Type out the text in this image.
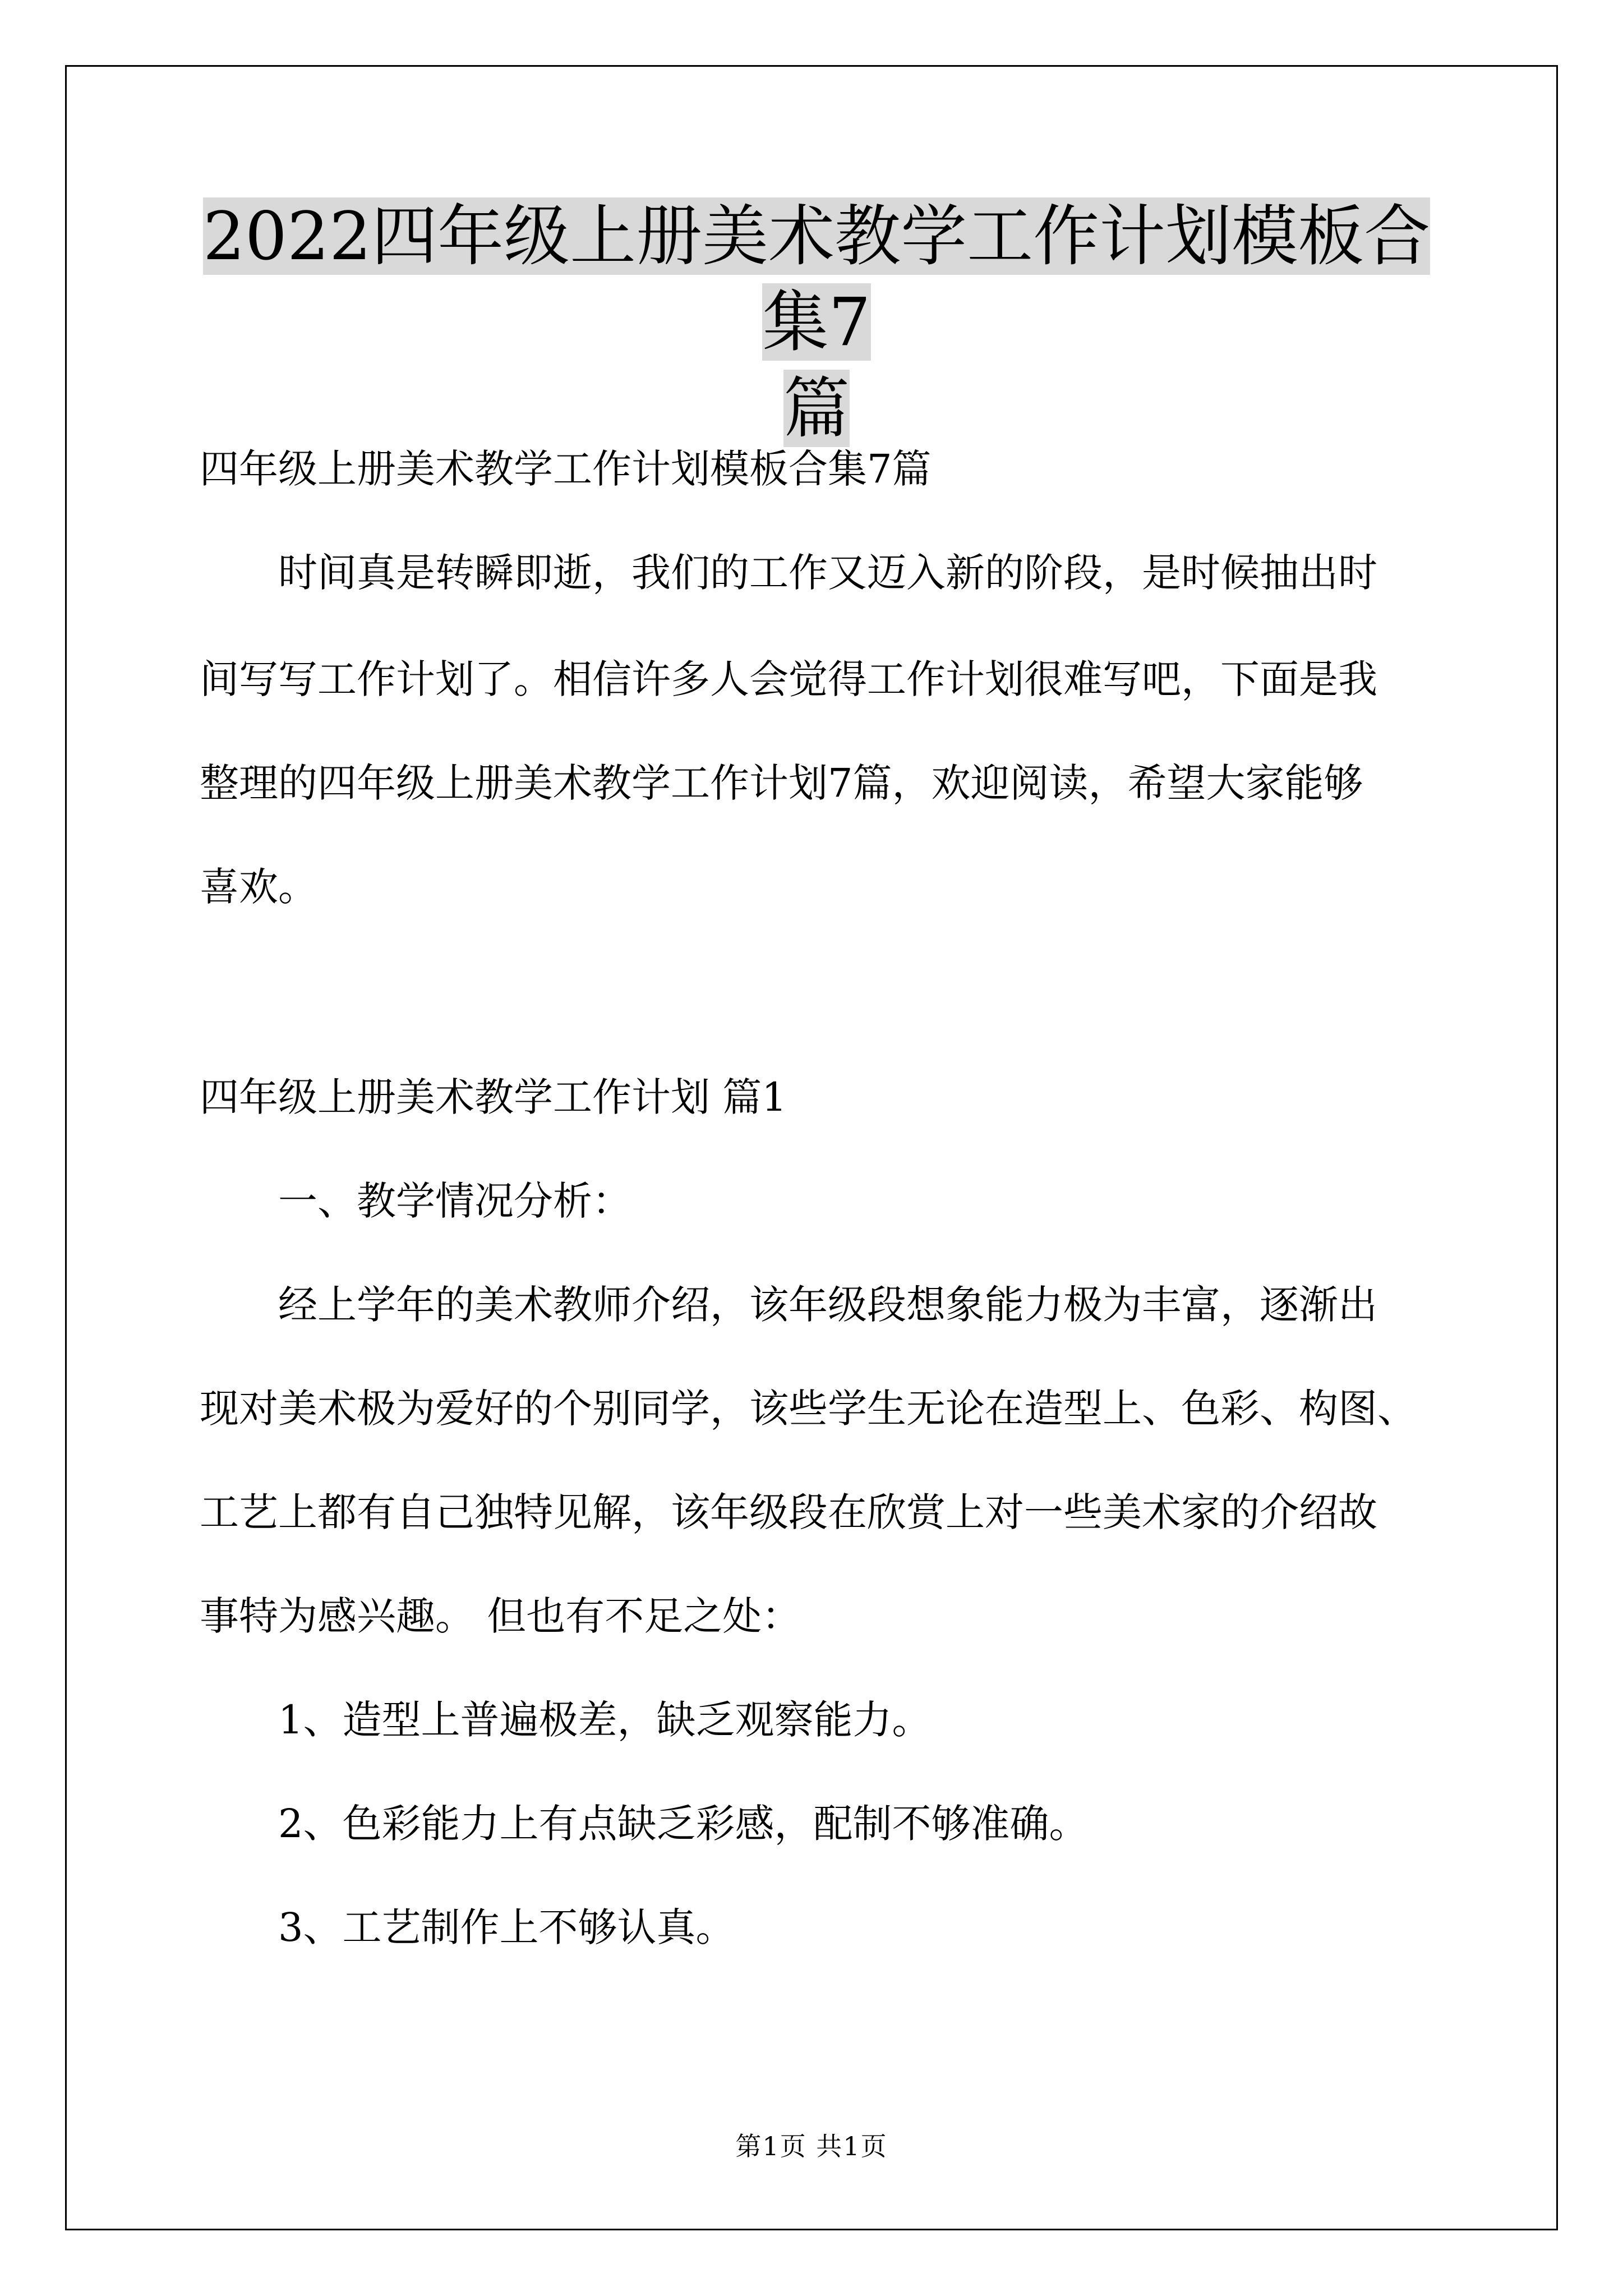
2022四年级上册美术教学工作计划模板合集7
篇

四年级上册美术教学工作计划模板合集7篇

时间真是转瞬即逝，我们的工作又迈入新的阶段，是时候抽出时

间写写工作计划了。相信许多人会觉得工作计划很难写吧，下面是我

整理的四年级上册美术教学工作计划7篇，欢迎阅读，希望大家能够

喜欢。

四年级上册美术教学工作计划 篇1

一、教学情况分析：

经上学年的美术教师介绍，该年级段想象能力极为丰富，逐渐出

现对美术极为爱好的个别同学，该些学生无论在造型上、色彩、构图、

工艺上都有自己独特见解，该年级段在欣赏上对一些美术家的介绍故

事特为感兴趣。 但也有不足之处：

1、造型上普遍极差，缺乏观察能力。

2、色彩能力上有点缺乏彩感，配制不够准确。

3、工艺制作上不够认真。

第1页 共1页
